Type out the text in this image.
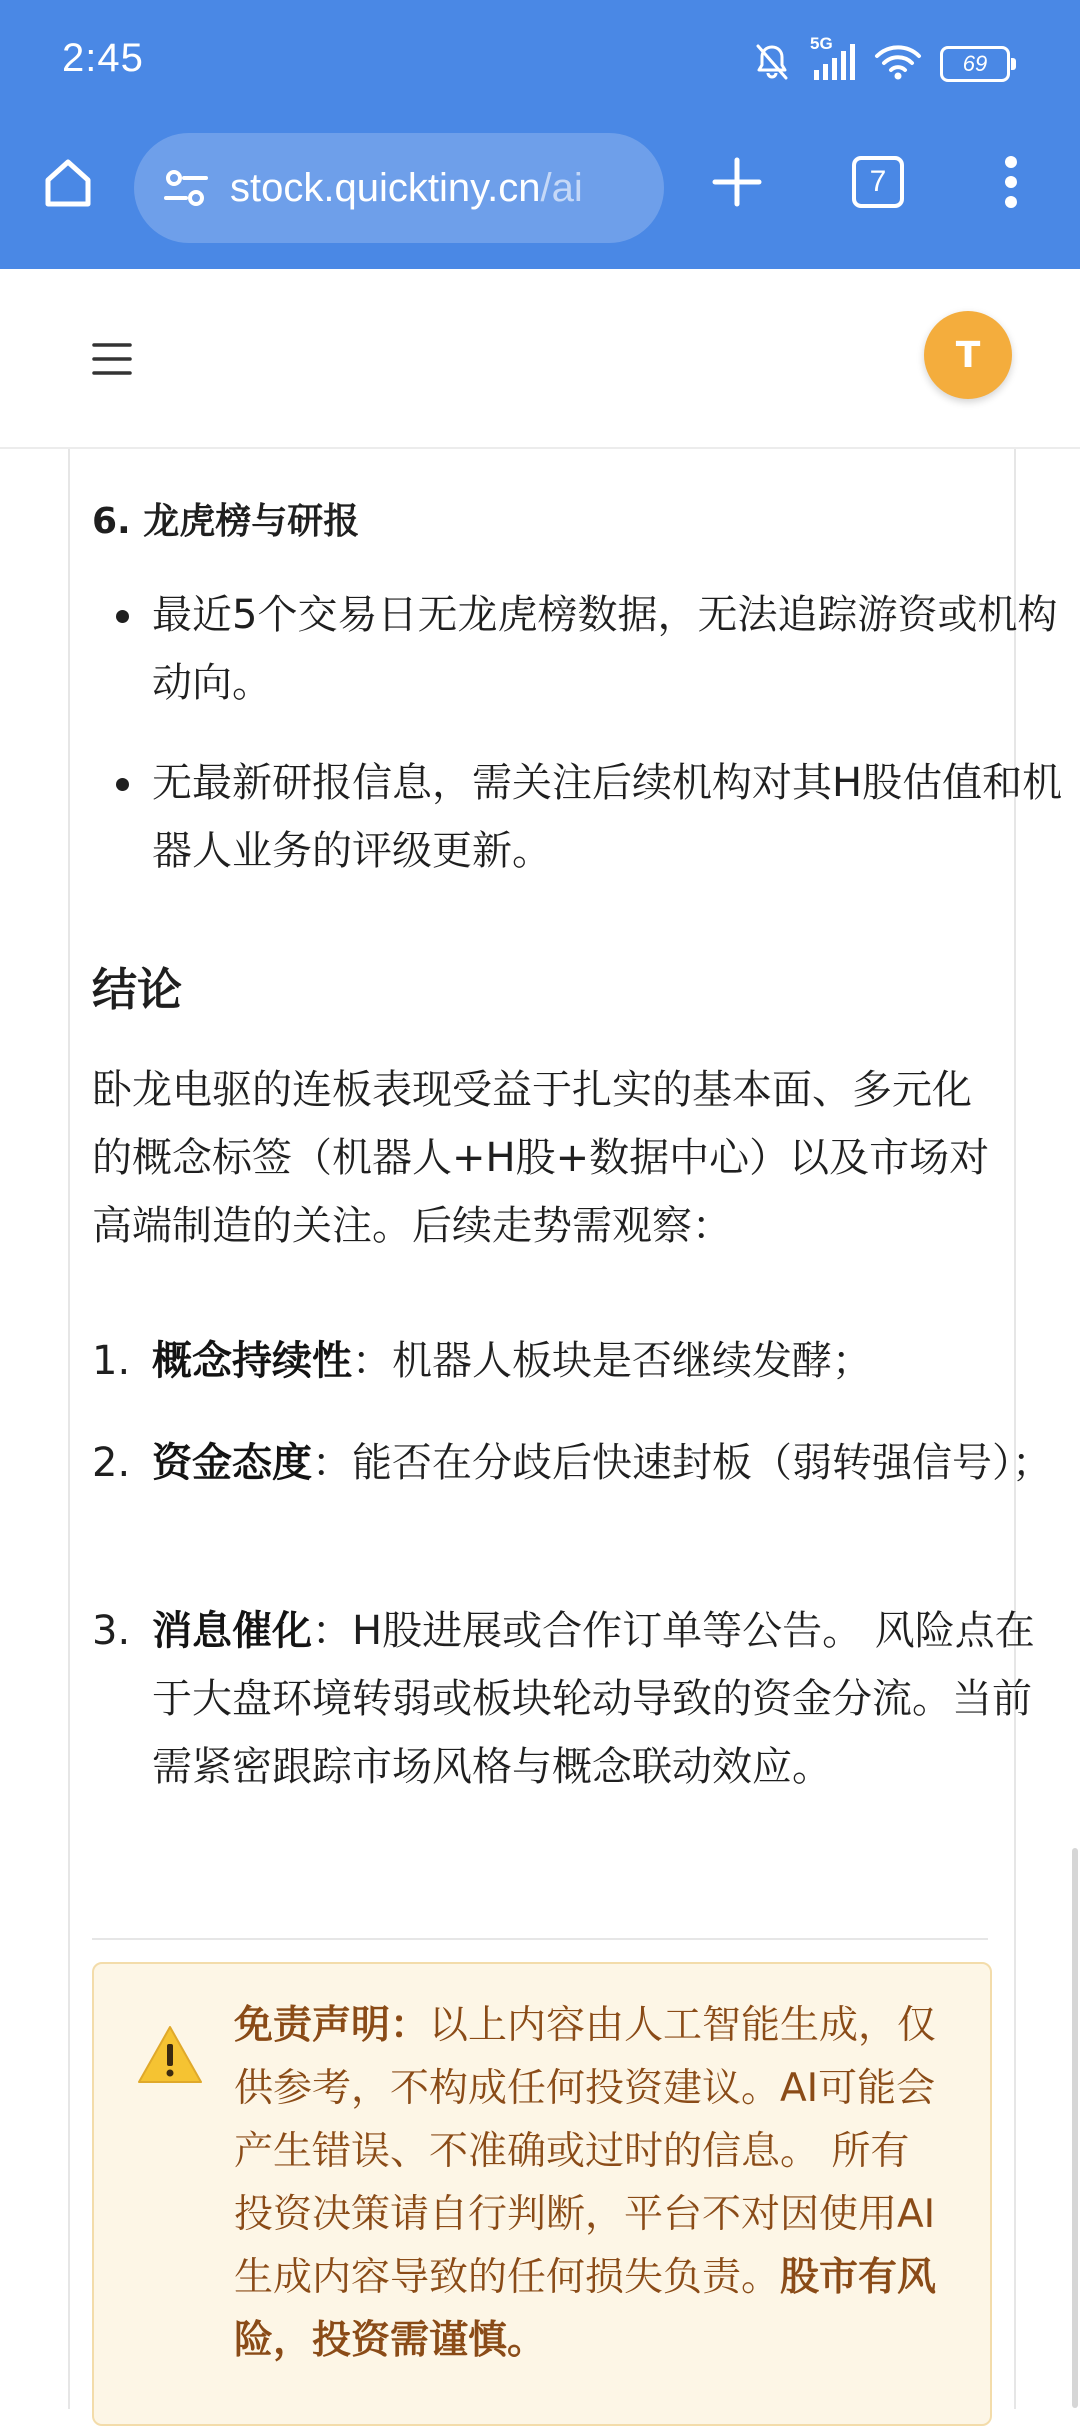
2:45	5G
69
stock.quicktiny.cn/ai	7
T
6. 龙虎榜与研报
最近5个交易日无龙虎榜数据，无法追踪游资或机构动向。
无最新研报信息，需关注后续机构对其H股估值和机器人业务的评级更新。
结论
卧龙电驱的连板表现受益于扎实的基本面、多元化的概念标签（机器人+H股+数据中心）以及市场对高端制造的关注。后续走势需观察：
1. 概念持续性：机器人板块是否继续发酵；
2. 资金态度：能否在分歧后快速封板（弱转强信号）；
3. 消息催化：H股进展或合作订单等公告。 风险点在于大盘环境转弱或板块轮动导致的资金分流。当前需紧密跟踪市场风格与概念联动效应。
免责声明：以上内容由人工智能生成，仅供参考，不构成任何投资建议。AI可能会产生错误、不准确或过时的信息。 所有投资决策请自行判断，平台不对因使用AI生成内容导致的任何损失负责。股市有风险，投资需谨慎。
